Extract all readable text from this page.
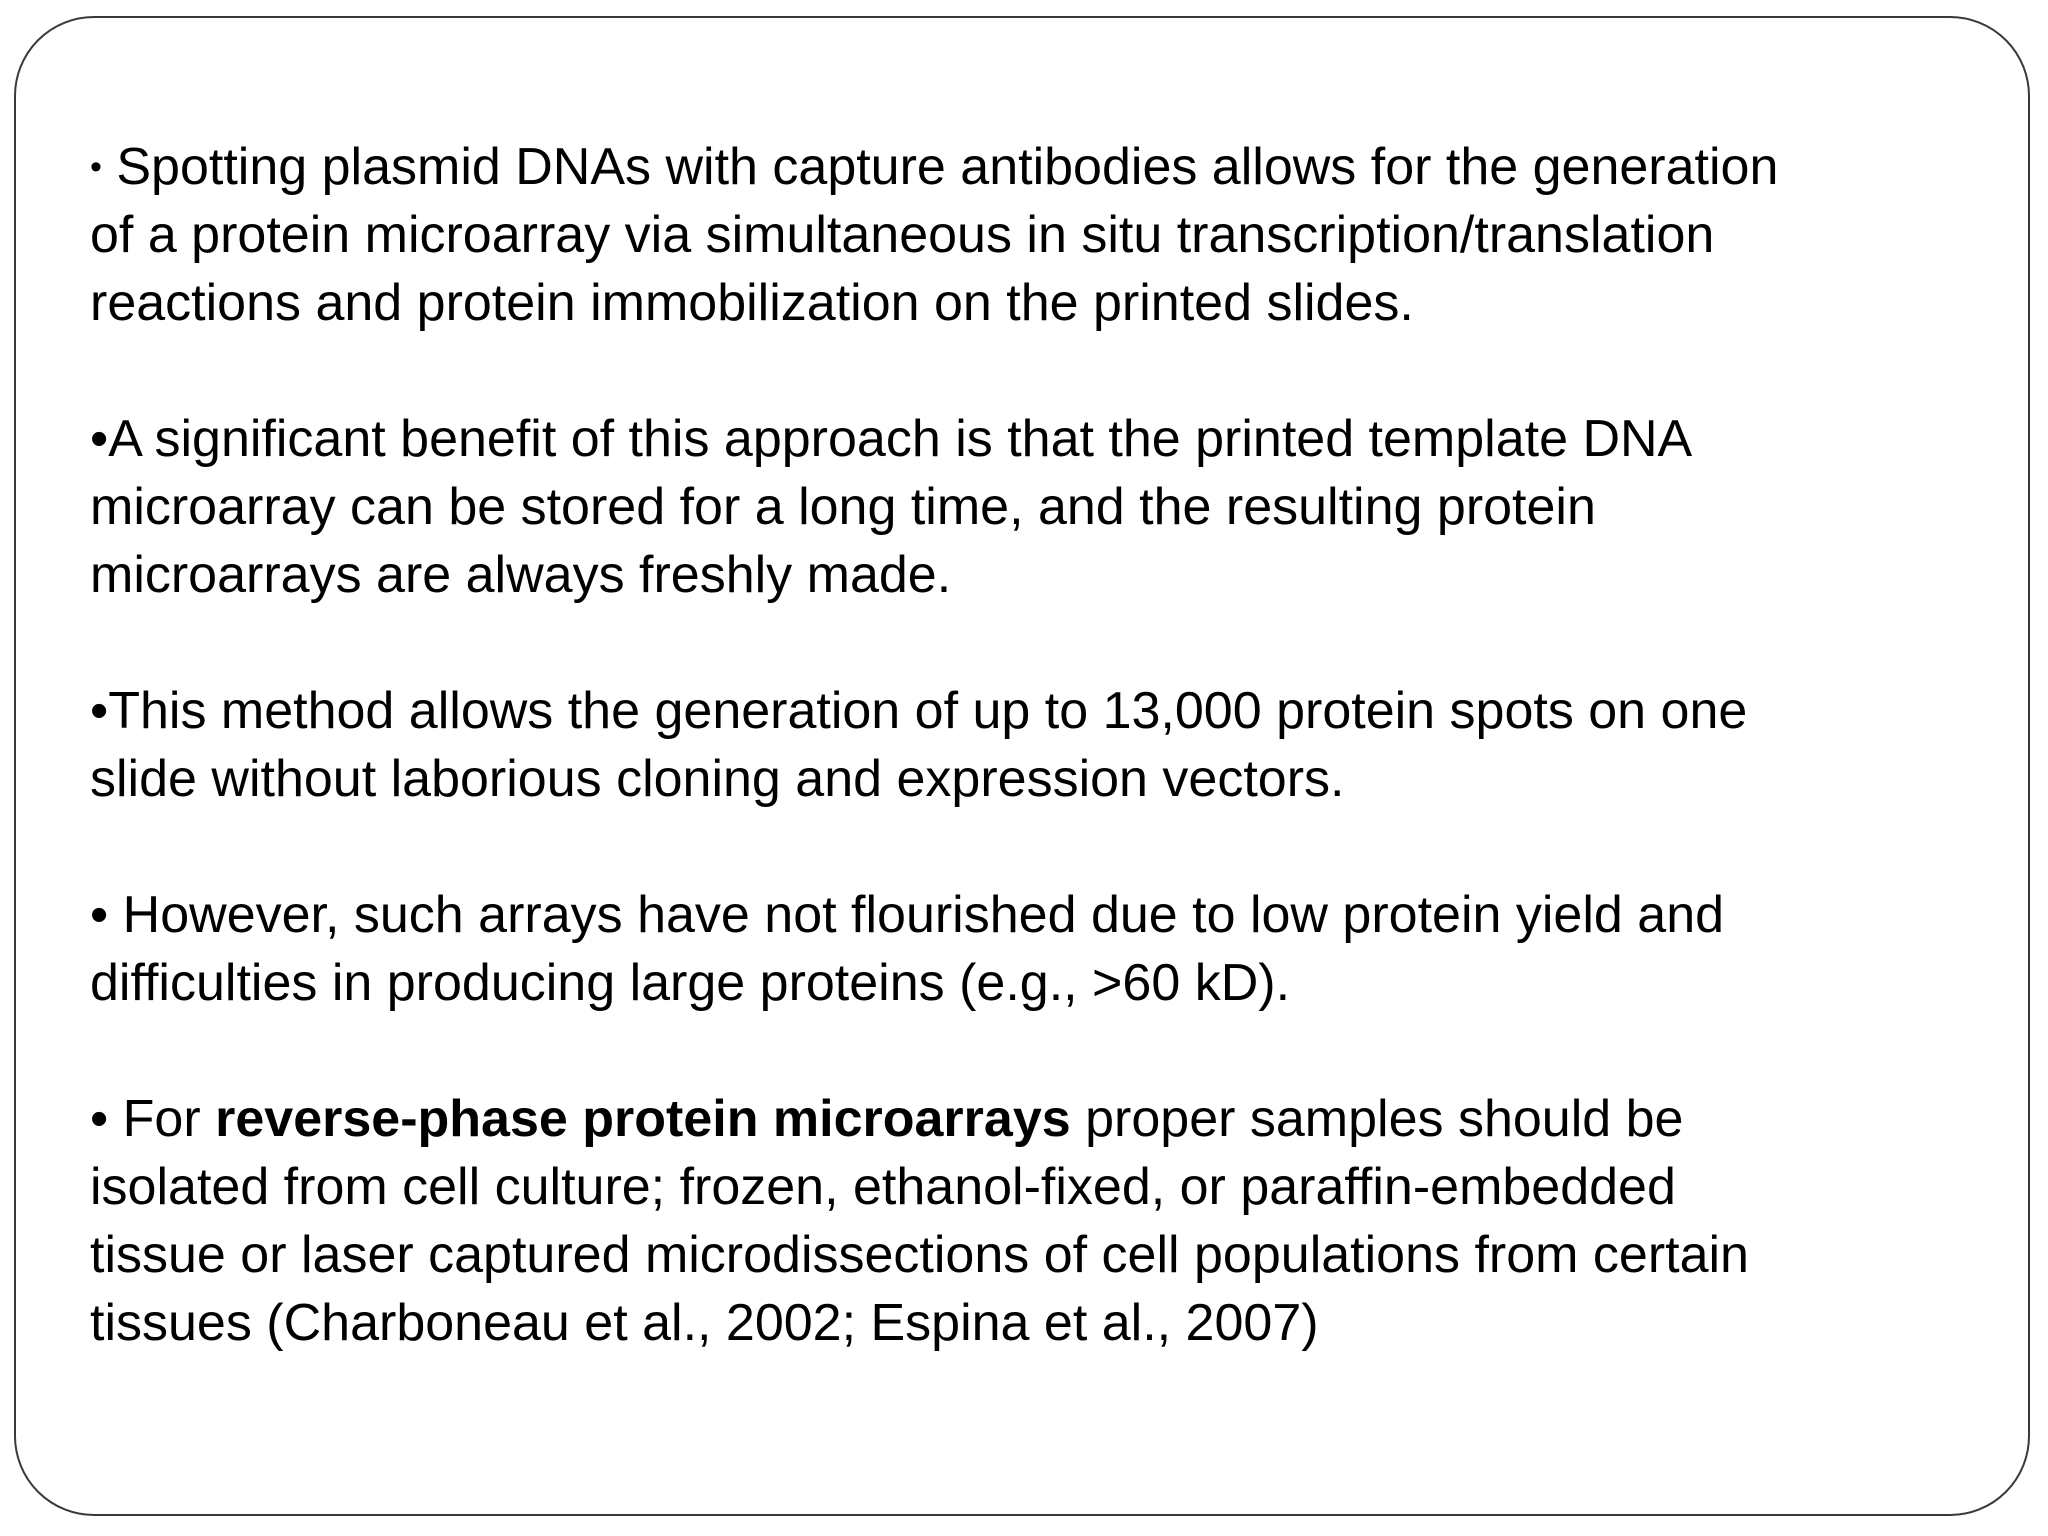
• Spotting plasmid DNAs with capture antibodies allows for the generation
of a protein microarray via simultaneous in situ transcription/translation
reactions and protein immobilization on the printed slides.

•A significant benefit of this approach is that the printed template DNA
microarray can be stored for a long time, and the resulting protein
microarrays are always freshly made.

•This method allows the generation of up to 13,000 protein spots on one
slide without laborious cloning and expression vectors.

• However, such arrays have not flourished due to low protein yield and
difficulties in producing large proteins (e.g., >60 kD).

• For reverse-phase protein microarrays proper samples should be
isolated from cell culture; frozen, ethanol-fixed, or paraffin-embedded
tissue or laser captured microdissections of cell populations from certain
tissues (Charboneau et al., 2002; Espina et al., 2007)
